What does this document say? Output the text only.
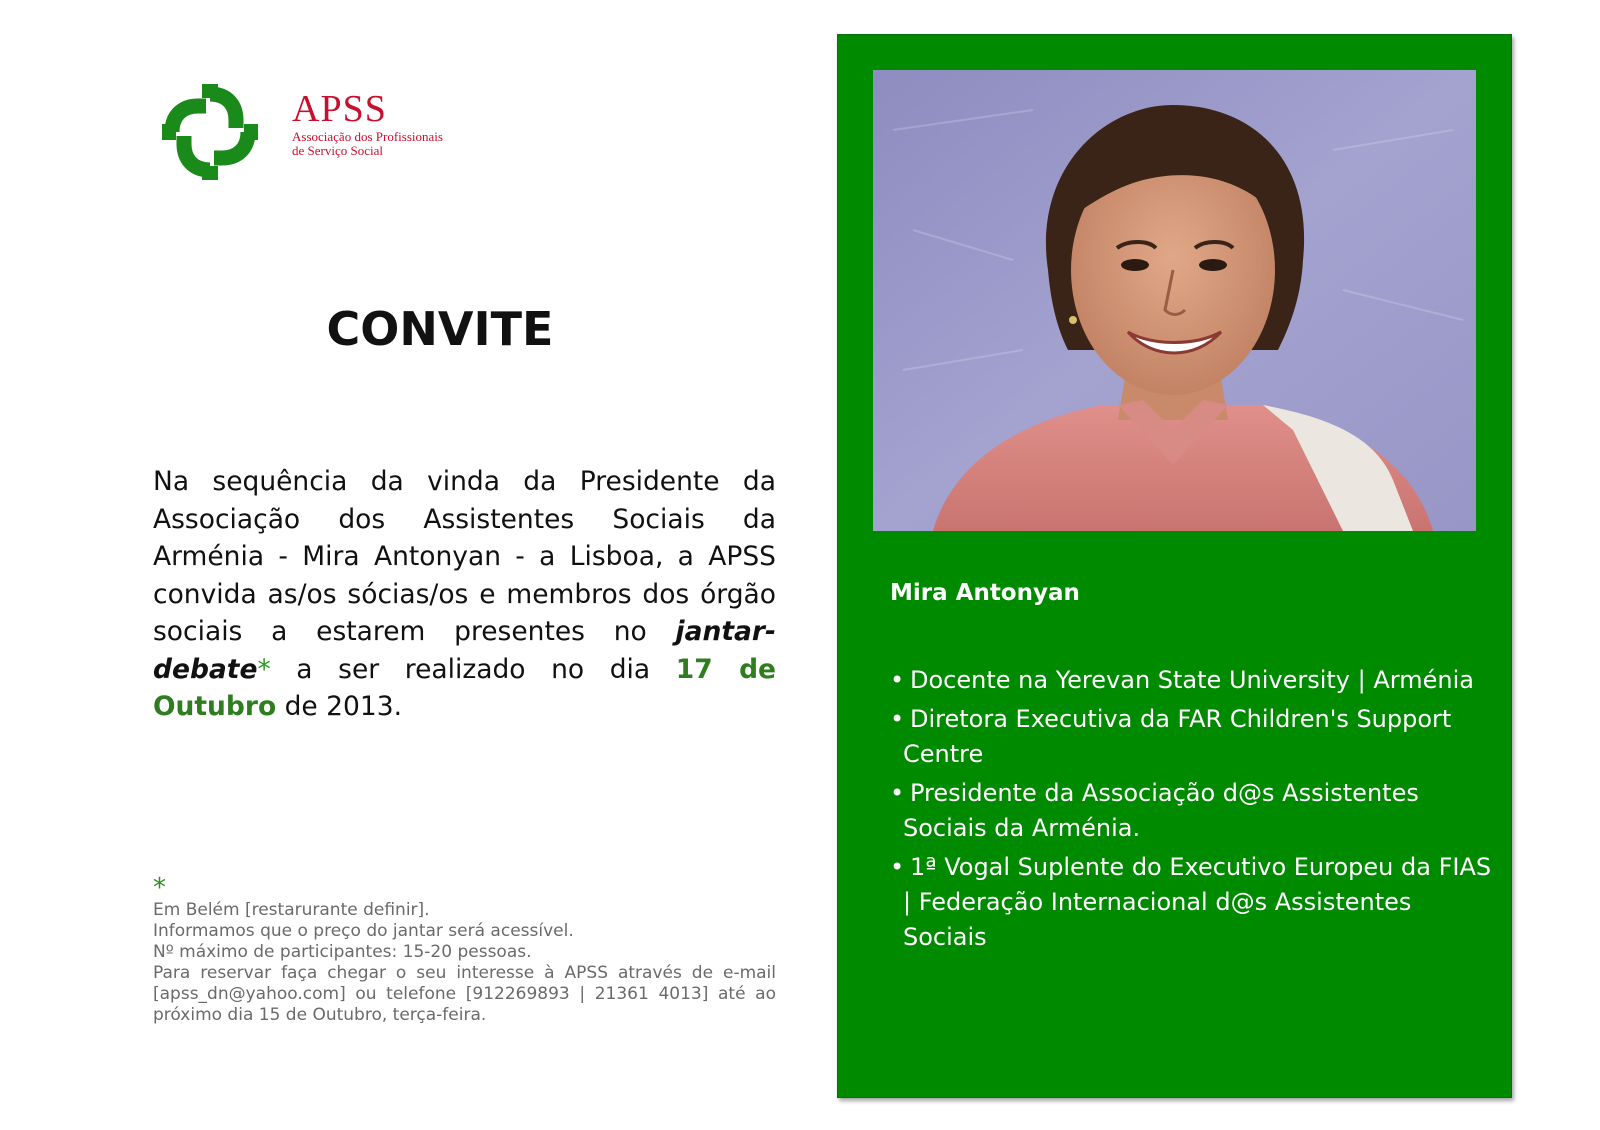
APSS
Associação dos Profissionais
de Serviço Social
CONVITE

Na sequência da vinda da Presidente da Associação dos Assistentes Sociais da Arménia - Mira Antonyan - a Lisboa, a APSS convida as/os sócias/os e membros dos órgão sociais a estarem presentes no jantar-debate* a ser realizado no dia 17 de Outubro de 2013.

*

Em Belém [restarurante definir].

Informamos que o preço do jantar será acessível.

Nº máximo de participantes: 15-20 pessoas.

Para reservar faça chegar o seu interesse à APSS através de e-mail [apss_dn@yahoo.com] ou telefone [912269893 | 21361 4013] até ao próximo dia 15 de Outubro, terça-feira.

Mira Antonyan
• Docente na Yerevan State University | Arménia
• Diretora Executiva da FAR Children's Support Centre
• Presidente da Associação d@s Assistentes Sociais da Arménia.
• 1ª Vogal Suplente do Executivo Europeu da FIAS | Federação Internacional d@s Assistentes Sociais
